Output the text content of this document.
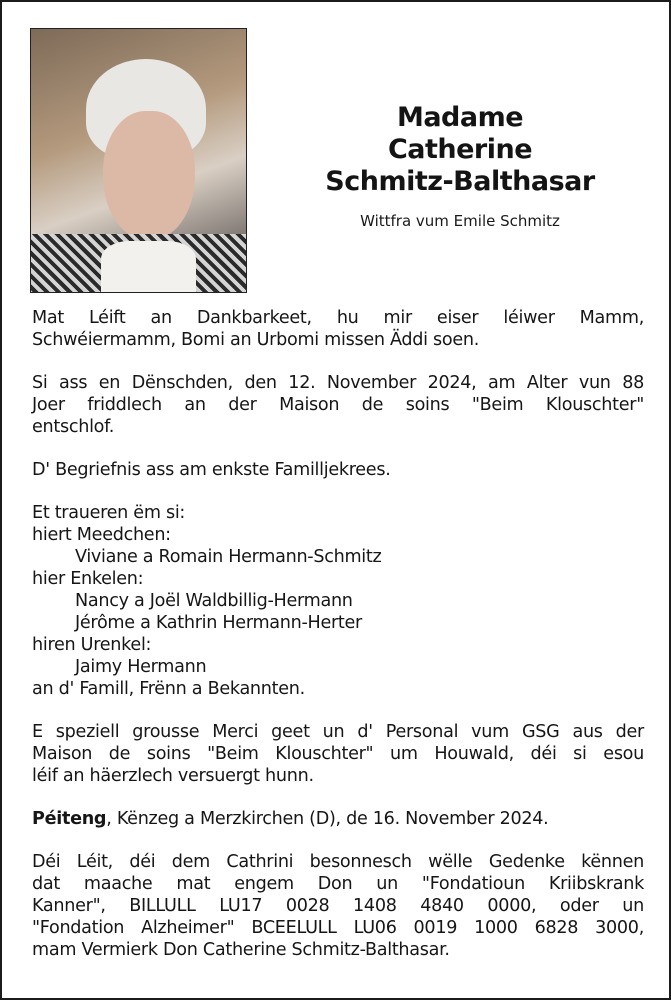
Madame
Catherine
Schmitz-Balthasar
Wittfra vum Emile Schmitz
Mat Léift an Dankbarkeet, hu mir eiser léiwer Mamm,
Schwéiermamm, Bomi an Urbomi missen Äddi soen.
Si ass en Dënschden, den 12. November 2024, am Alter vun 88
Joer friddlech an der Maison de soins "Beim Klouschter"
entschlof.
D' Begriefnis ass am enkste Familljekrees.
Et traueren ëm si:
hiert Meedchen:
Viviane a Romain Hermann-Schmitz
hier Enkelen:
Nancy a Joël Waldbillig-Hermann
Jérôme a Kathrin Hermann-Herter
hiren Urenkel:
Jaimy Hermann
an d' Famill, Frënn a Bekannten.
E speziell grousse Merci geet un d' Personal vum GSG aus der
Maison de soins "Beim Klouschter" um Houwald, déi si esou
léif an häerzlech versuergt hunn.
Péiteng, Kënzeg a Merzkirchen (D), de 16. November 2024.
Déi Léit, déi dem Cathrini besonnesch wëlle Gedenke kënnen
dat maache mat engem Don un "Fondatioun Kriibskrank
Kanner", BILLULL LU17 0028 1408 4840 0000, oder un
"Fondation Alzheimer" BCEELULL LU06 0019 1000 6828 3000,
mam Vermierk Don Catherine Schmitz-Balthasar.
